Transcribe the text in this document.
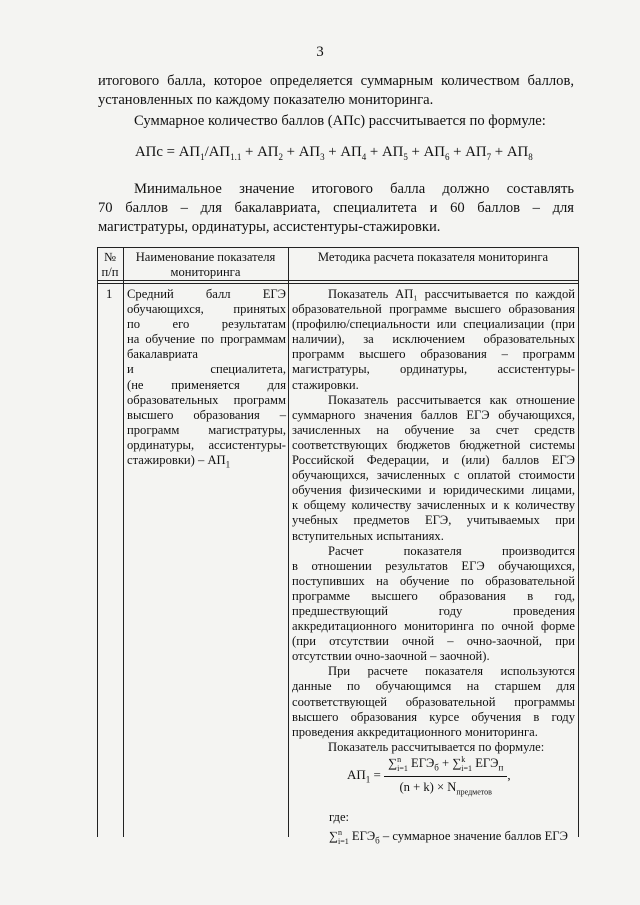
3
итогового балла, которое определяется суммарным количеством баллов,
установленных по каждому показателю мониторинга.
Суммарное количество баллов (АПс) рассчитывается по формуле:
АПс = $АП_1/АП_{1.1} + АП_2 + АП_3 + АП_4 + АП_5 + АП_6 + АП_7 + АП_8$
Минимальное значение итогового балла должно составлять
70 баллов – для бакалавриата, специалитета и 60 баллов – для
магистратуры, ординатуры, ассистентуры-стажировки.
№
п/п
Наименование показателя
мониторинга
Методика расчета показателя мониторинга
1 Средний балл ЕГЭ
обучающихся, принятых
по его результатам
на обучение по программам
бакалавриата
и специалитета,
(не применяется для
образовательных программ
высшего образования –
программ магистратуры,
ординатуры, ассистентуры-
стажировки) – $АП_1$
Показатель АП₁ рассчитывается по каждой
образовательной программе высшего образования
(профилю/специальности или специализации (при
наличии), за исключением образовательных
программ высшего образования – программ
магистратуры, ординатуры, ассистентуры-
стажировки.
Показатель рассчитывается как отношение
суммарного значения баллов ЕГЭ обучающихся,
зачисленных на обучение за счет средств
соответствующих бюджетов бюджетной системы
Российской Федерации, и (или) баллов ЕГЭ
обучающихся, зачисленных с оплатой стоимости
обучения физическими и юридическими лицами,
к общему количеству зачисленных и к количеству
учебных предметов ЕГЭ, учитываемых при
вступительных испытаниях.
Расчет показателя производится
в отношении результатов ЕГЭ обучающихся,
поступивших на обучение по образовательной
программе высшего образования в год,
предшествующий году проведения
аккредитационного мониторинга по очной форме
(при отсутствии очной – очно-заочной, при
отсутствии очно-заочной – заочной).
При расчете показателя используются
данные по обучающимся на старшем для
соответствующей образовательной программы
высшего образования курсе обучения в году
проведения аккредитационного мониторинга.
Показатель рассчитывается по формуле:
$АП_1 = \frac{\sum^n_{i=1} ЕГЭ_б + \sum^k_{i=1} ЕГЭ_п}{(n + k) \times N_{предметов}}$ ,
где:
∑$^n_{i=1}$ $ЕГЭ_б$ – суммарное значение баллов ЕГЭ
